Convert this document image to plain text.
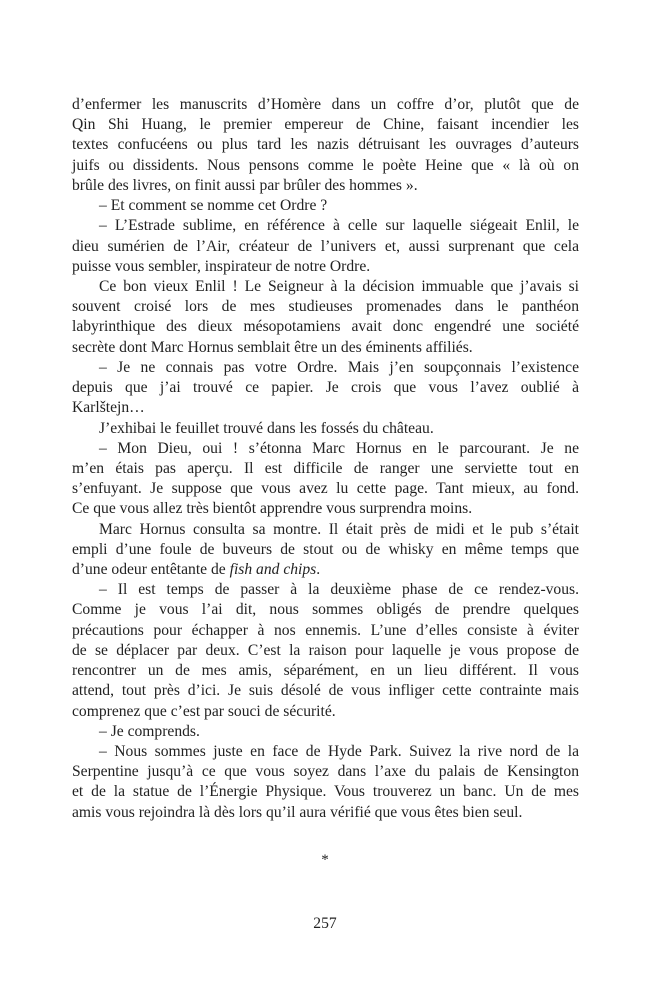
d’enfermer les manuscrits d’Homère dans un coffre d’or, plutôt que de
Qin Shi Huang, le premier empereur de Chine, faisant incendier les
textes confucéens ou plus tard les nazis détruisant les ouvrages d’auteurs
juifs ou dissidents. Nous pensons comme le poète Heine que « là où on
brûle des livres, on finit aussi par brûler des hommes ».
– Et comment se nomme cet Ordre ?
– L’Estrade sublime, en référence à celle sur laquelle siégeait Enlil, le
dieu sumérien de l’Air, créateur de l’univers et, aussi surprenant que cela
puisse vous sembler, inspirateur de notre Ordre.
Ce bon vieux Enlil ! Le Seigneur à la décision immuable que j’avais si
souvent croisé lors de mes studieuses promenades dans le panthéon
labyrinthique des dieux mésopotamiens avait donc engendré une société
secrète dont Marc Hornus semblait être un des éminents affiliés.
– Je ne connais pas votre Ordre. Mais j’en soupçonnais l’existence
depuis que j’ai trouvé ce papier. Je crois que vous l’avez oublié à
Karlštejn…
J’exhibai le feuillet trouvé dans les fossés du château.
– Mon Dieu, oui ! s’étonna Marc Hornus en le parcourant. Je ne
m’en étais pas aperçu. Il est difficile de ranger une serviette tout en
s’enfuyant. Je suppose que vous avez lu cette page. Tant mieux, au fond.
Ce que vous allez très bientôt apprendre vous surprendra moins.
Marc Hornus consulta sa montre. Il était près de midi et le pub s’était
empli d’une foule de buveurs de stout ou de whisky en même temps que
d’une odeur entêtante de fish and chips.
– Il est temps de passer à la deuxième phase de ce rendez-vous.
Comme je vous l’ai dit, nous sommes obligés de prendre quelques
précautions pour échapper à nos ennemis. L’une d’elles consiste à éviter
de se déplacer par deux. C’est la raison pour laquelle je vous propose de
rencontrer un de mes amis, séparément, en un lieu différent. Il vous
attend, tout près d’ici. Je suis désolé de vous infliger cette contrainte mais
comprenez que c’est par souci de sécurité.
– Je comprends.
– Nous sommes juste en face de Hyde Park. Suivez la rive nord de la
Serpentine jusqu’à ce que vous soyez dans l’axe du palais de Kensington
et de la statue de l’Énergie Physique. Vous trouverez un banc. Un de mes
amis vous rejoindra là dès lors qu’il aura vérifié que vous êtes bien seul.
*
257
